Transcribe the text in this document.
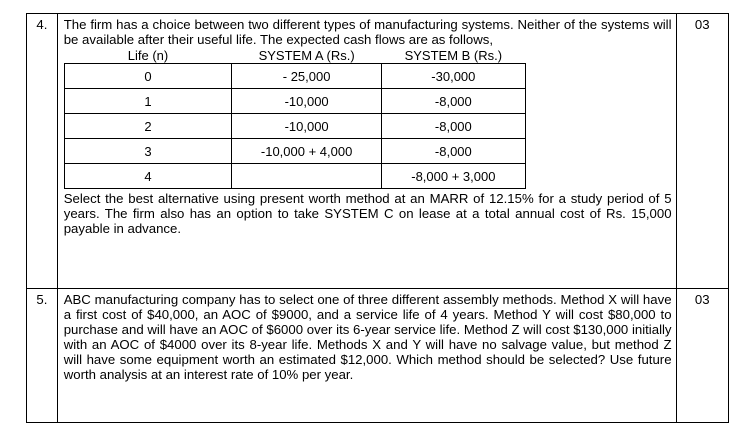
4.	The firm has a choice between two different types of manufacturing systems. Neither of the systems will be available after their useful life. The expected cash flows are as follows,

Life (n)	SYSTEM A (Rs.)	SYSTEM B (Rs.)
0	- 25,000	-30,000
1	-10,000	-8,000
2	-10,000	-8,000
3	-10,000 + 4,000	-8,000
4		-8,000 + 3,000

Select the best alternative using present worth method at an MARR of 12.15% for a study period of 5 years. The firm also has an option to take SYSTEM C on lease at a total annual cost of Rs. 15,000 payable in advance.

	03
5.	ABC manufacturing company has to select one of three different assembly methods. Method X will have a first cost of $40,000, an AOC of $9000, and a service life of 4 years. Method Y will cost $80,000 to purchase and will have an AOC of $6000 over its 6-year service life. Method Z will cost $130,000 initially with an AOC of $4000 over its 8-year life. Methods X and Y will have no salvage value, but method Z will have some equipment worth an estimated $12,000. Which method should be selected? Use future worth analysis at an interest rate of 10% per year.

	03
